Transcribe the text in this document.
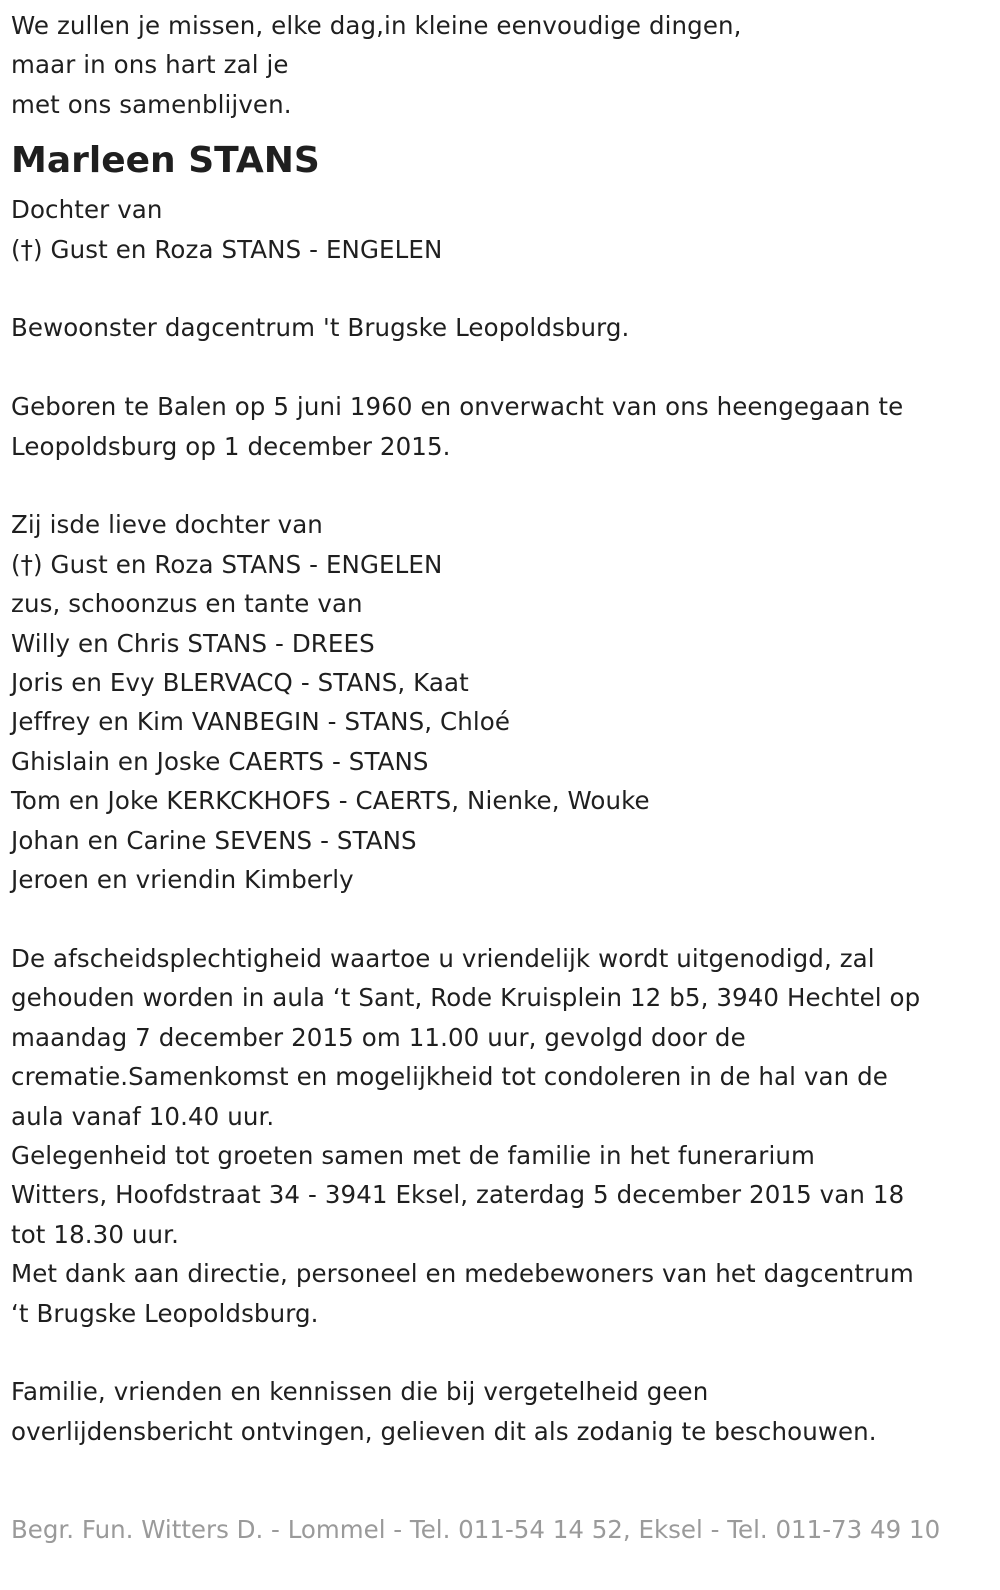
We zullen je missen, elke dag,in kleine eenvoudige dingen,
maar in ons hart zal je
met ons samenblijven.
Marleen STANS
Dochter van
(†) Gust en Roza STANS - ENGELEN
Bewoonster dagcentrum 't Brugske Leopoldsburg.
Geboren te Balen op 5 juni 1960 en onverwacht van ons heengegaan te
Leopoldsburg op 1 december 2015.
Zij isde lieve dochter van
(†) Gust en Roza STANS - ENGELEN
zus, schoonzus en tante van
Willy en Chris STANS - DREES
Joris en Evy BLERVACQ - STANS, Kaat
Jeffrey en Kim VANBEGIN - STANS, Chloé
Ghislain en Joske CAERTS - STANS
Tom en Joke KERKCKHOFS - CAERTS, Nienke, Wouke
Johan en Carine SEVENS - STANS
Jeroen en vriendin Kimberly
De afscheidsplechtigheid waartoe u vriendelijk wordt uitgenodigd, zal
gehouden worden in aula ‘t Sant, Rode Kruisplein 12 b5, 3940 Hechtel op
maandag 7 december 2015 om 11.00 uur, gevolgd door de
crematie.Samenkomst en mogelijkheid tot condoleren in de hal van de
aula vanaf 10.40 uur.
Gelegenheid tot groeten samen met de familie in het funerarium
Witters, Hoofdstraat 34 - 3941 Eksel, zaterdag 5 december 2015 van 18
tot 18.30 uur.
Met dank aan directie, personeel en medebewoners van het dagcentrum
‘t Brugske Leopoldsburg.
Familie, vrienden en kennissen die bij vergetelheid geen
overlijdensbericht ontvingen, gelieven dit als zodanig te beschouwen.
Begr. Fun. Witters D. - Lommel - Tel. 011-54 14 52, Eksel - Tel. 011-73 49 10
